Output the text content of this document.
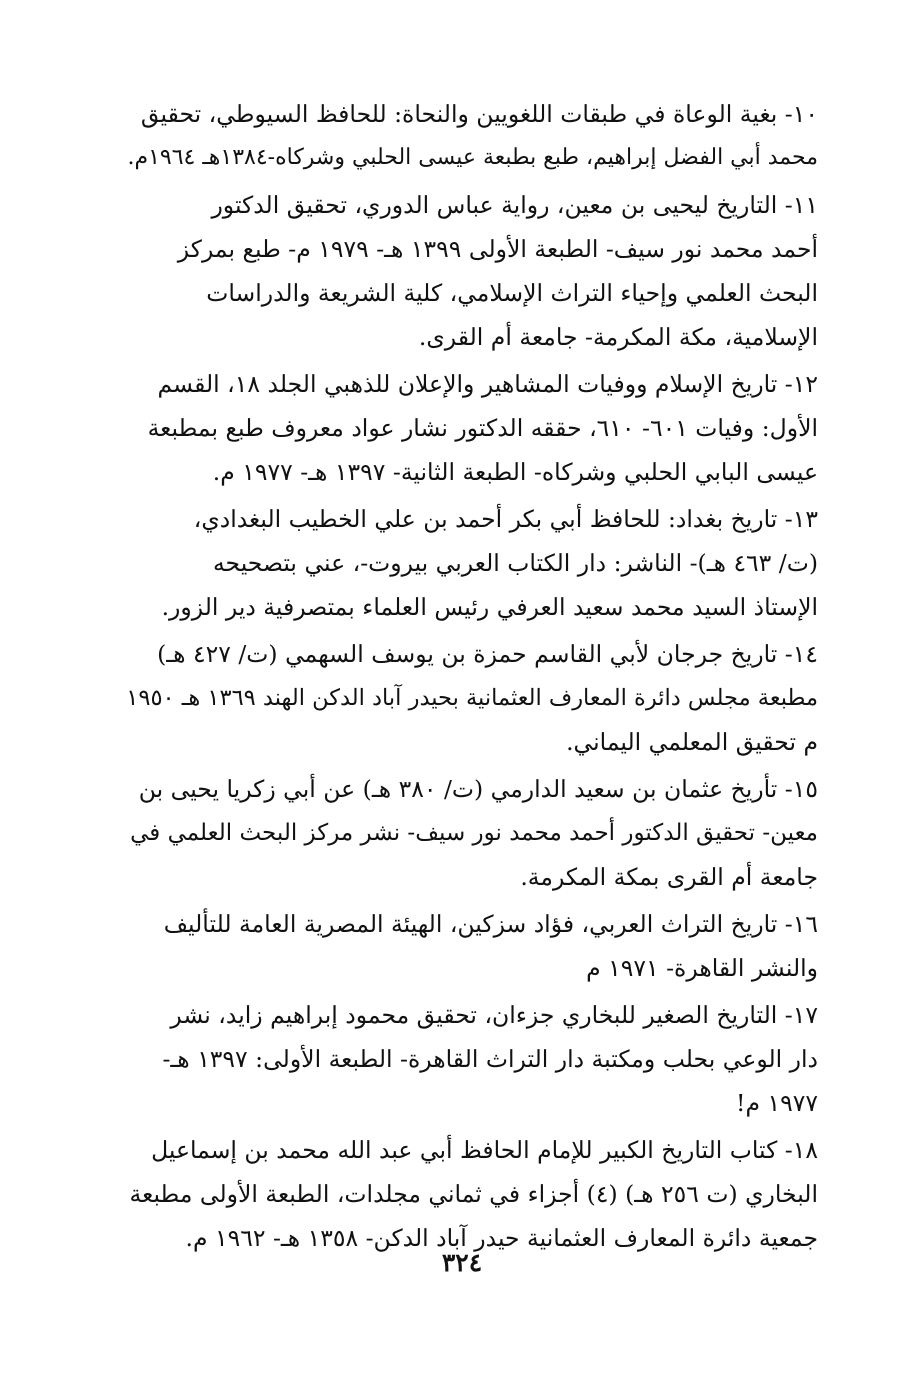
١٠- بغية الوعاة في طبقات اللغويين والنحاة: للحافظ السيوطي، تحقيق
محمد أبي الفضل إبراهيم، طبع بطبعة عيسى الحلبي وشركاه-١٣٨٤هـ ١٩٦٤م.
١١- التاريخ ليحيى بن معين، رواية عباس الدوري، تحقيق الدكتور
أحمد محمد نور سيف- الطبعة الأولى ١٣٩٩ هـ- ١٩٧٩ م- طبع بمركز
البحث العلمي وإحياء التراث الإسلامي، كلية الشريعة والدراسات
الإسلامية، مكة المكرمة- جامعة أم القرى.
١٢- تاريخ الإسلام ووفيات المشاهير والإعلان للذهبي الجلد ١٨، القسم
الأول: وفيات ٦٠١- ٦١٠، حققه الدكتور نشار عواد معروف طبع بمطبعة
عيسى البابي الحلبي وشركاه- الطبعة الثانية- ١٣٩٧ هـ- ١٩٧٧ م.
١٣- تاريخ بغداد: للحافظ أبي بكر أحمد بن علي الخطيب البغدادي،
(ت/ ٤٦٣ هـ)- الناشر: دار الكتاب العربي بيروت-، عني بتصحيحه
الإستاذ السيد محمد سعيد العرفي رئيس العلماء بمتصرفية دير الزور.
١٤- تاريخ جرجان لأبي القاسم حمزة بن يوسف السهمي (ت/ ٤٢٧ هـ)
مطبعة مجلس دائرة المعارف العثمانية بحيدر آباد الدكن الهند ١٣٦٩ هـ ١٩٥٠
م تحقيق المعلمي اليماني.
١٥- تأريخ عثمان بن سعيد الدارمي (ت/ ٣٨٠ هـ) عن أبي زكريا يحيى بن
معين- تحقيق الدكتور أحمد محمد نور سيف- نشر مركز البحث العلمي في
جامعة أم القرى بمكة المكرمة.
١٦- تاريخ التراث العربي، فؤاد سزكين، الهيئة المصرية العامة للتأليف
والنشر القاهرة- ١٩٧١ م
١٧- التاريخ الصغير للبخاري جزءان، تحقيق محمود إبراهيم زايد، نشر
دار الوعي بحلب ومكتبة دار التراث القاهرة- الطبعة الأولى: ١٣٩٧ هـ-
١٩٧٧ م!
١٨- كتاب التاريخ الكبير للإمام الحافظ أبي عبد الله محمد بن إسماعيل
البخاري (ت ٢٥٦ هـ) (٤) أجزاء في ثماني مجلدات، الطبعة الأولى مطبعة
جمعية دائرة المعارف العثمانية حيدر آباد الدكن- ١٣٥٨ هـ- ١٩٦٢ م.
٣٢٤
